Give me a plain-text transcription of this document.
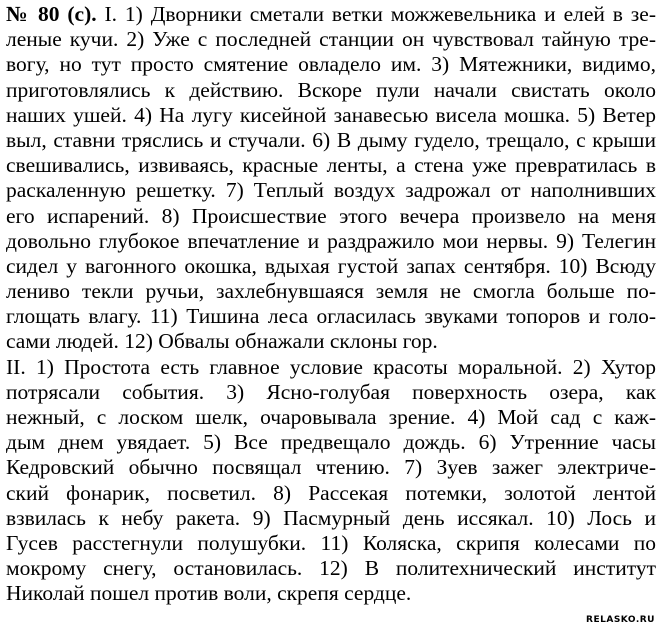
№ 80 (с). I. 1) Дворники сметали ветки можжевельника и елей в зе-
леные кучи. 2) Уже с последней станции он чувствовал тайную тре-
вогу, но тут просто смятение овладело им. 3) Мятежники, видимо,
приготовлялись к действию. Вскоре пули начали свистать около
наших ушей. 4) На лугу кисейной занавесью висела мошка. 5) Ветер
выл, ставни тряслись и стучали. 6) В дыму гудело, трещало, с крыши
свешивались, извиваясь, красные ленты, а стена уже превратилась в
раскаленную решетку. 7) Теплый воздух задрожал от наполнивших
его испарений. 8) Происшествие этого вечера произвело на меня
довольно глубокое впечатление и раздражило мои нервы. 9) Телегин
сидел у вагонного окошка, вдыхая густой запах сентября. 10) Всюду
лениво текли ручьи, захлебнувшаяся земля не смогла больше по-
глощать влагу. 11) Тишина леса огласилась звуками топоров и голо-
сами людей. 12) Обвалы обнажали склоны гор.
II. 1) Простота есть главное условие красоты моральной. 2) Хутор
потрясали события. 3) Ясно-голубая поверхность озера, как
нежный, с лоском шелк, очаровывала зрение. 4) Мой сад с каж-
дым днем увядает. 5) Все предвещало дождь. 6) Утренние часы
Кедровский обычно посвящал чтению. 7) Зуев зажег электриче-
ский фонарик, посветил. 8) Рассекая потемки, золотой лентой
взвилась к небу ракета. 9) Пасмурный день иссякал. 10) Лось и
Гусев расстегнули полушубки. 11) Коляска, скрипя колесами по
мокрому снегу, остановилась. 12) В политехнический институт
Николай пошел против воли, скрепя сердце.
RELASKO.RU
